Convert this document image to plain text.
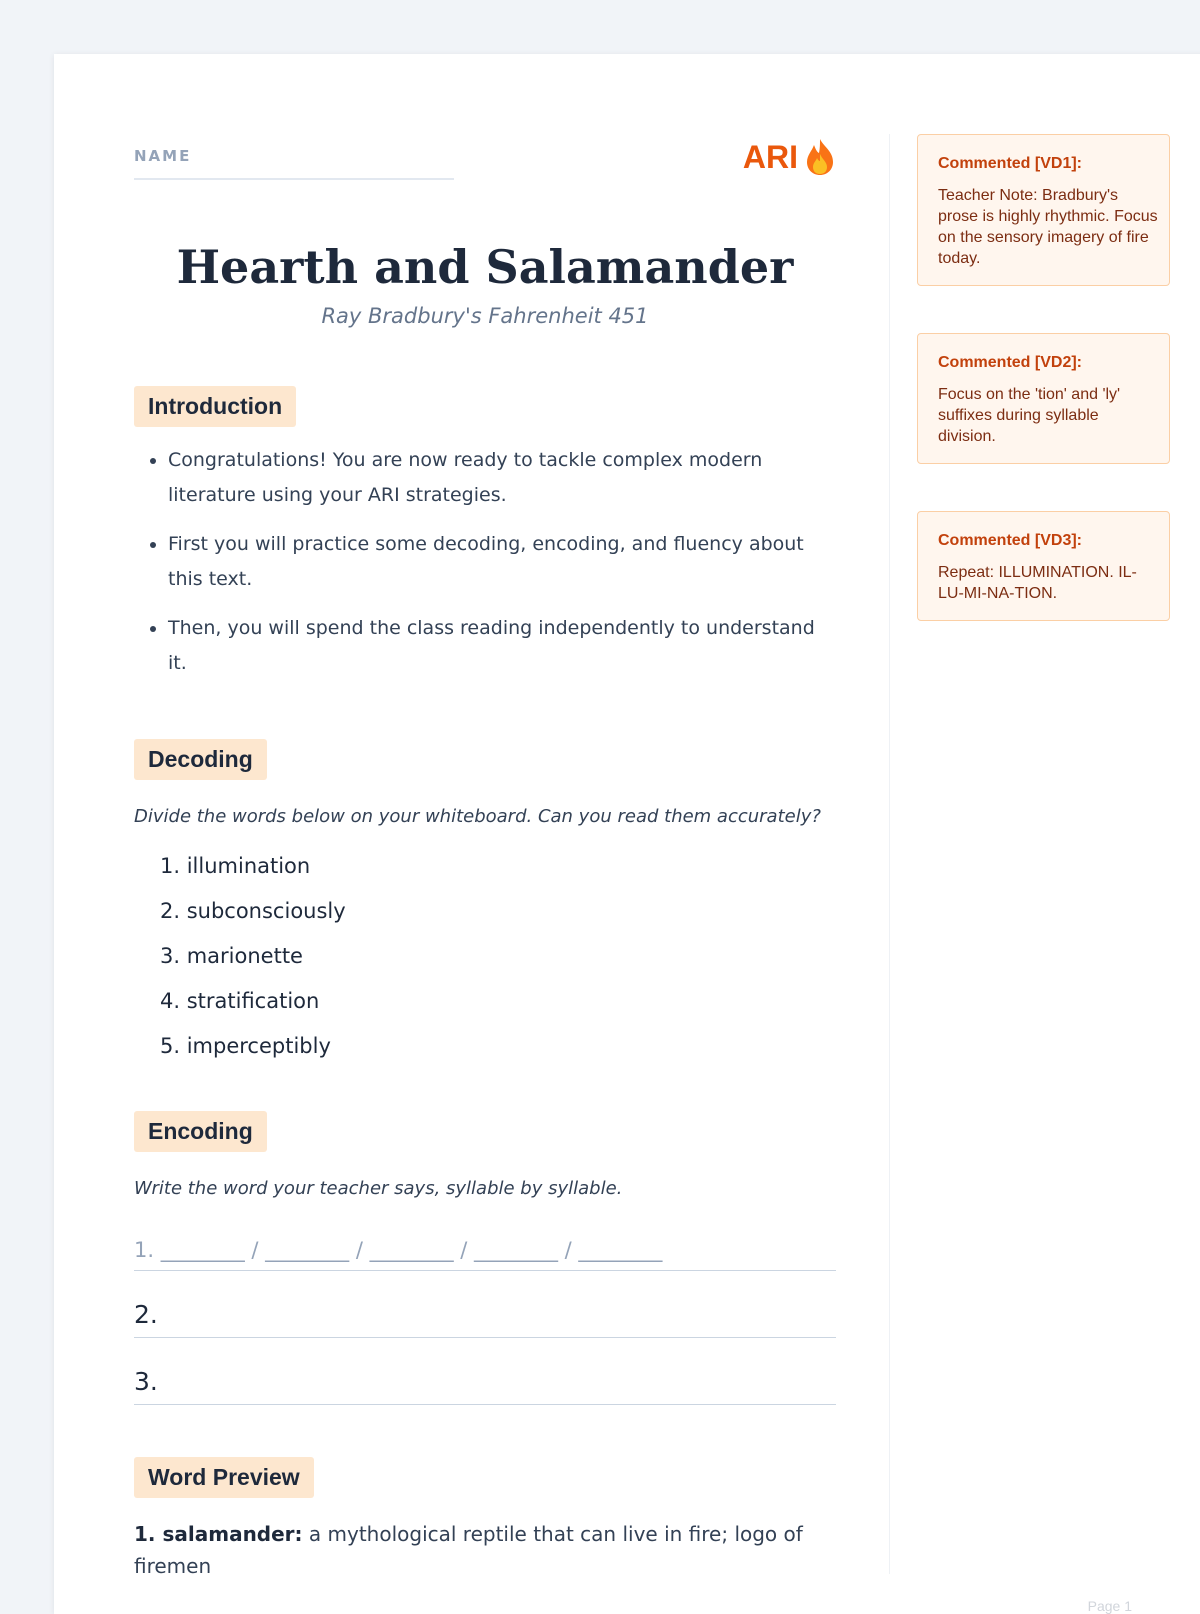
NAME	ARI
Hearth and Salamander
Ray Bradbury's Fahrenheit 451
Introduction
• Congratulations! You are now ready to tackle complex modern literature using your ARI strategies.
• First you will practice some decoding, encoding, and fluency about this text.
• Then, you will spend the class reading independently to understand it.
Decoding
Divide the words below on your whiteboard. Can you read them accurately?
1. illumination
2. subconsciously
3. marionette
4. stratification
5. imperceptibly
Encoding
Write the word your teacher says, syllable by syllable.
1. ________ / ________ / ________ / ________ / ________
2.
3.
Word Preview
1. salamander: a mythological reptile that can live in fire; logo of firemen
Commented [VD1]:
Teacher Note: Bradbury's prose is highly rhythmic. Focus on the sensory imagery of fire today.
Commented [VD2]:
Focus on the 'tion' and 'ly' suffixes during syllable division.
Commented [VD3]:
Repeat: ILLUMINATION. IL-LU-MI-NA-TION.
Page 1
